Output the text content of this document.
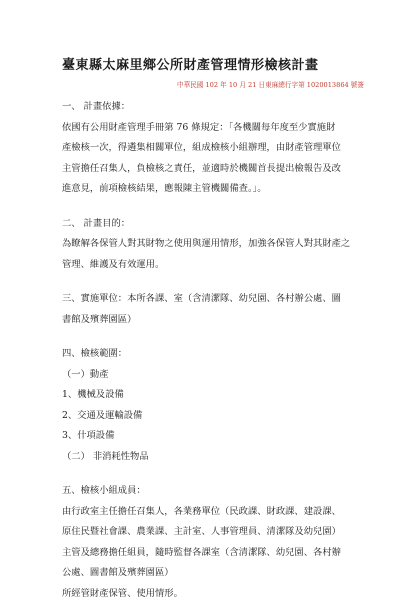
臺東縣太麻里鄉公所財產管理情形檢核計畫

中華民國 102 年 10 月 21 日東麻總行字第 1020013864 號簽

一、 計畫依據：

依國有公用財產管理手冊第 76 條規定：「各機關每年度至少實施財

產檢核一次，得遴集相關單位，組成檢核小組辦理，由財產管理單位

主管擔任召集人，負檢核之責任，並適時於機關首長提出檢報告及改

進意見，前項檢核結果，應報陳主管機關備查。」。

二、 計畫目的：

為瞭解各保管人對其財物之使用與運用情形，加強各保管人對其財產之

管理、維護及有效運用。

三、實施單位：本所各課、室（含清潔隊、幼兒園、各村辦公處、圖

書館及殯葬園區）

四、檢核範圍：

（一）動產

1、機械及設備

2、交通及運輸設備

3、什項設備

（二） 非消耗性物品

五、檢核小組成員：

由行政室主任擔任召集人，各業務單位（民政課、財政課、建設課、

原住民暨社會課、農業課、主計室、人事管理員、清潔隊及幼兒園）

主管及總務擔任組員，隨時監督各課室（含清潔隊、幼兒園、各村辦

公處、圖書館及殯葬園區）

所經管財產保管、使用情形。
